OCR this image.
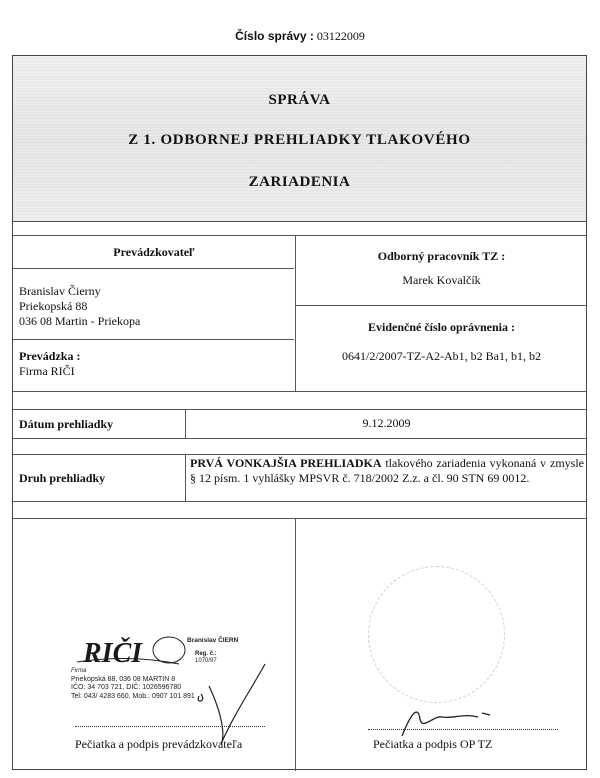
Číslo správy : 03122009
SPRÁVA
Z 1. ODBORNEJ PREHLIADKY TLAKOVÉHO
ZARIADENIA
Prevádzkovateľ
Branislav Čierny
Priekopská 88
036 08 Martin - Priekopa
Prevádzka :
Firma RIČI
Odborný pracovník TZ :
Marek Kovalčík
Evidenčné číslo oprávnenia :
0641/2/2007-TZ-A2-Ab1, b2 Ba1, b1, b2
Dátum prehliadky	9.12.2009
Druh prehliadky
PRVÁ VONKAJŠIA PREHLIADKA tlakového zariadenia vykonaná v zmysle § 12 písm. 1 vyhlášky MPSVR č. 718/2002 Z.z. a čl. 90 STN 69 0012.
RIČI
Firma
Branislav ČIERNY
Reg. č.:
1070/97
Priekopská 88, 036 08 MARTIN 8
IČO: 34 703 721, DIČ: 1026596780
Tel: 043/ 4283 660, Mob.: 0907 101 891
Pečiatka a podpis prevádzkovateľa	Pečiatka a podpis OP TZ
